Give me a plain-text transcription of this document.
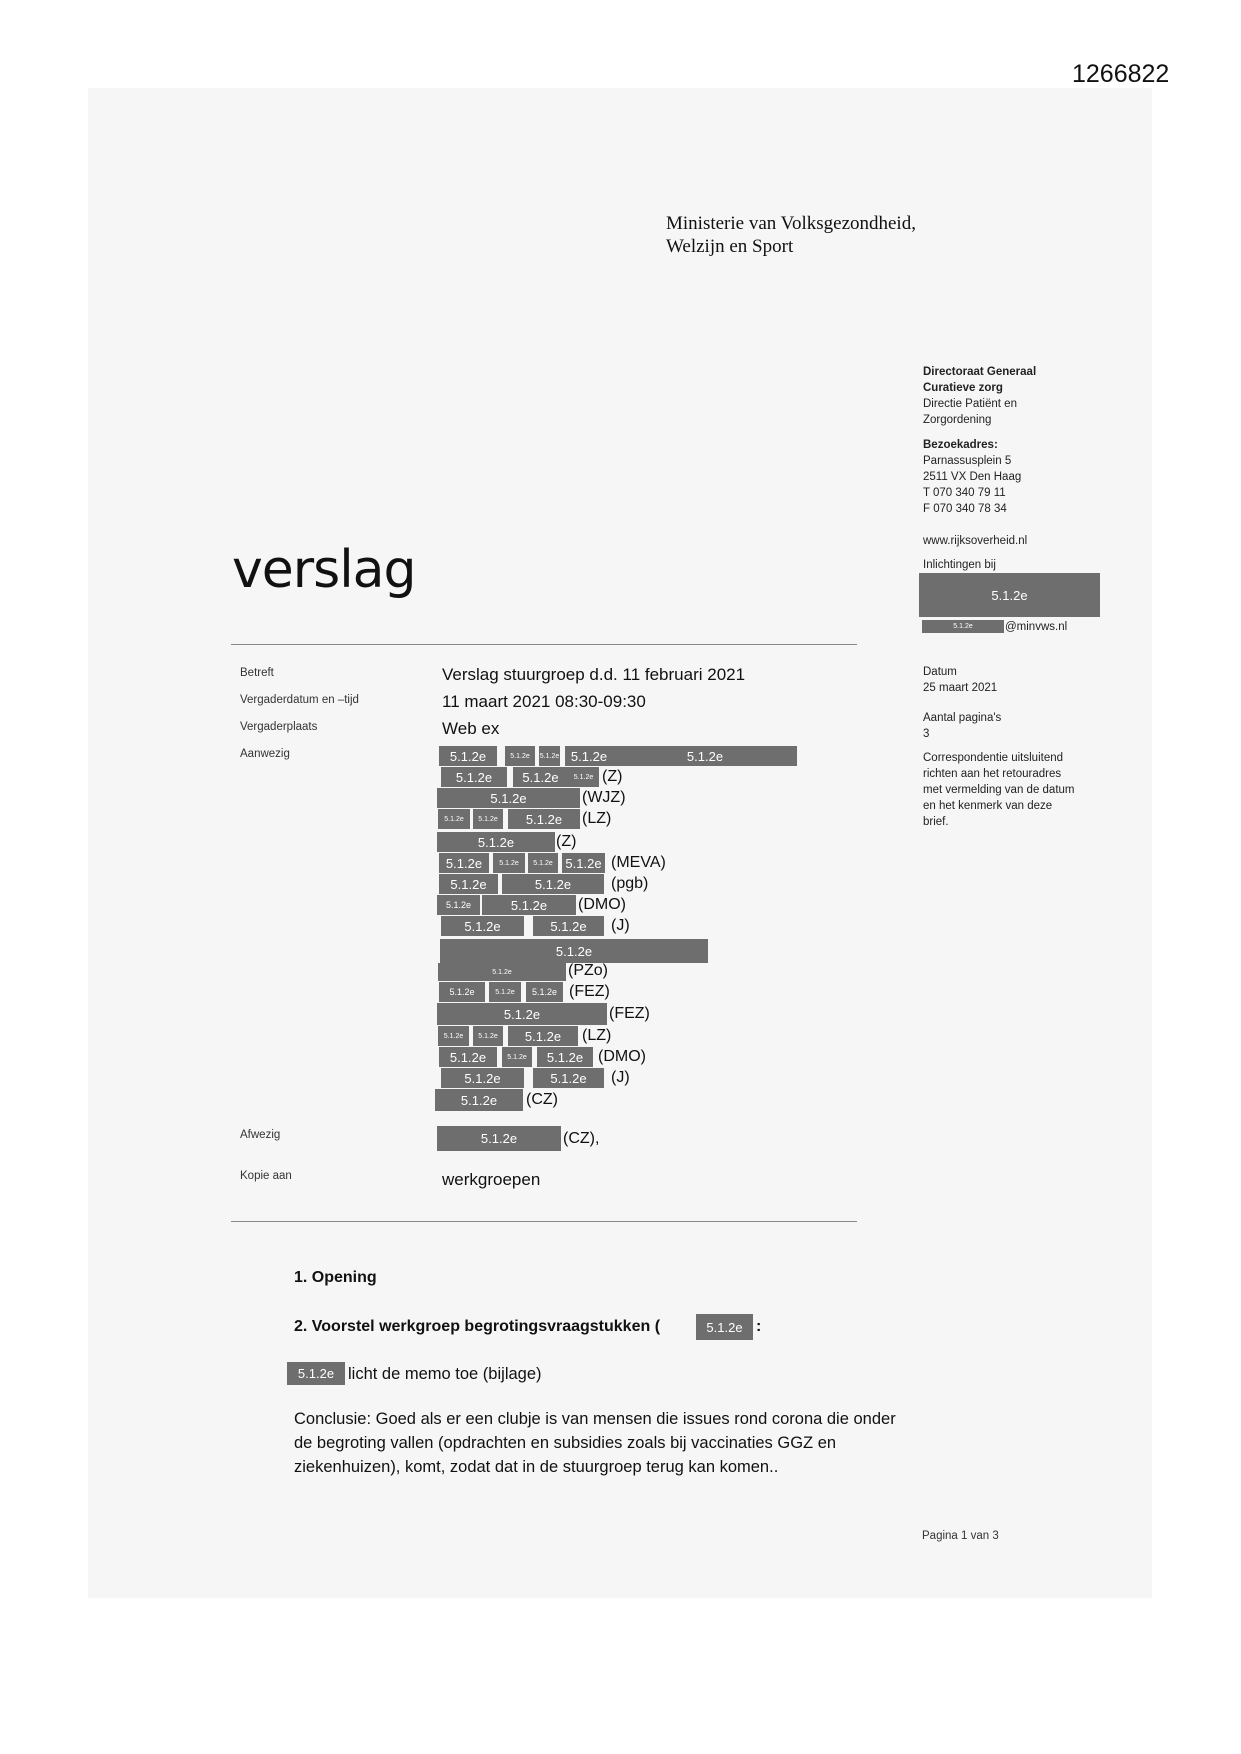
1266822
Ministerie van Volksgezondheid,
Welzijn en Sport
Directoraat Generaal
Curatieve zorg
Directie Patiënt en
Zorgordening
Bezoekadres:
Parnassusplein 5
2511 VX Den Haag
T 070 340 79 11
F 070 340 78 34
www.rijksoverheid.nl
Inlichtingen bij
5.1.2e
5.1.2e	@minvws.nl
Datum
25 maart 2021
Aantal pagina's
3
Correspondentie uitsluitend
richten aan het retouradres
met vermelding van de datum
en het kenmerk van deze
brief.
verslag
Betreft	Verslag stuurgroep d.d. 11 februari 2021
Vergaderdatum en –tijd	11 maart 2021 08:30-09:30
Vergaderplaats	Web ex
Aanwezig	5.1.2e	5.1.2e	5.1.2e 5.1.2e	5.1.2e
5.1.2e	5.1.2e	5.1.2e (Z)
5.1.2e	(WJZ)
5.1.2e	5.1.2e	5.1.2e	(LZ)
5.1.2e	(Z)
5.1.2e	5.1.2e	5.1.2e 5.1.2e (MEVA)
5.1.2e	5.1.2e	(pgb)
5.1.2e	5.1.2e	(DMO)
5.1.2e	5.1.2e	(J)
5.1.2e
5.1.2e	(PZo)
5.1.2e	5.1.2e	5.1.2e (FEZ)
5.1.2e	(FEZ)
5.1.2e	5.1.2e	5.1.2e	(LZ)
5.1.2e	5.1.2e	5.1.2e (DMO)
5.1.2e	5.1.2e	(J)
5.1.2e	(CZ)
Afwezig	5.1.2e	(CZ),
Kopie aan	werkgroepen
1. Opening
2. Voorstel werkgroep begrotingsvraagstukken (	5.1.2e :
5.1.2e licht de memo toe (bijlage)
Conclusie: Goed als er een clubje is van mensen die issues rond corona die onder de begroting vallen (opdrachten en subsidies zoals bij vaccinaties GGZ en ziekenhuizen), komt, zodat dat in de stuurgroep terug kan komen..
Pagina 1 van 3
